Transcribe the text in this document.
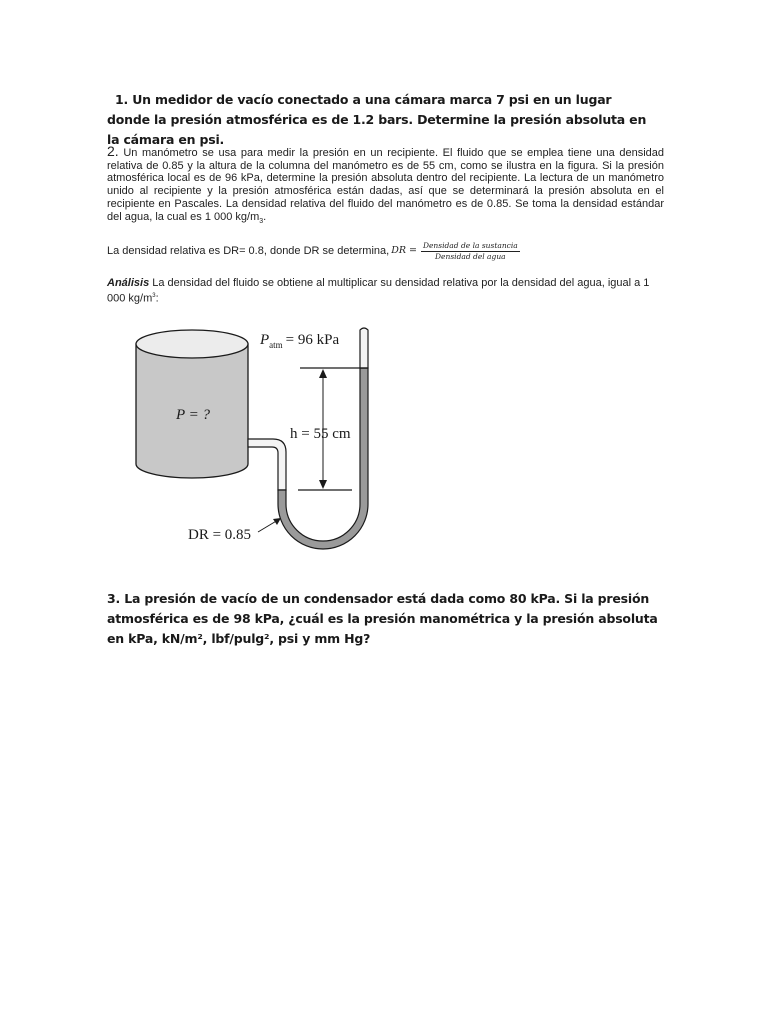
1. Un medidor de vacío conectado a una cámara marca 7 psi en un lugar donde la presión atmosférica es de 1.2 bars. Determine la presión absoluta en la cámara en psi.
2. Un manómetro se usa para medir la presión en un recipiente. El fluido que se emplea tiene una densidad relativa de 0.85 y la altura de la columna del manómetro es de 55 cm, como se ilustra en la figura. Si la presión atmosférica local es de 96 kPa, determine la presión absoluta dentro del recipiente. La lectura de un manómetro unido al recipiente y la presión atmosférica están dadas, así que se determinará la presión absoluta en el recipiente en Pascales. La densidad relativa del fluido del manómetro es de 0.85. Se toma la densidad estándar del agua, la cual es 1 000 $kg/m_3$.
La densidad relativa es DR= 0.8, donde DR se determina, DR = $\frac{\text{Densidad de la sustancia}}{\text{Densidad del agua}}$
Análisis La densidad del fluido se obtiene al multiplicar su densidad relativa por la densidad del agua, igual a 1 000 $kg/m^3$:
P = ?
$P_{atm} = 96$ kPa
h = 55 cm
DR = 0.85
3. La presión de vacío de un condensador está dada como 80 kPa. Si la presión atmosférica es de 98 kPa, ¿cuál es la presión manométrica y la presión absoluta en kPa, kN/m², lbf/pulg², psi y mm Hg?
